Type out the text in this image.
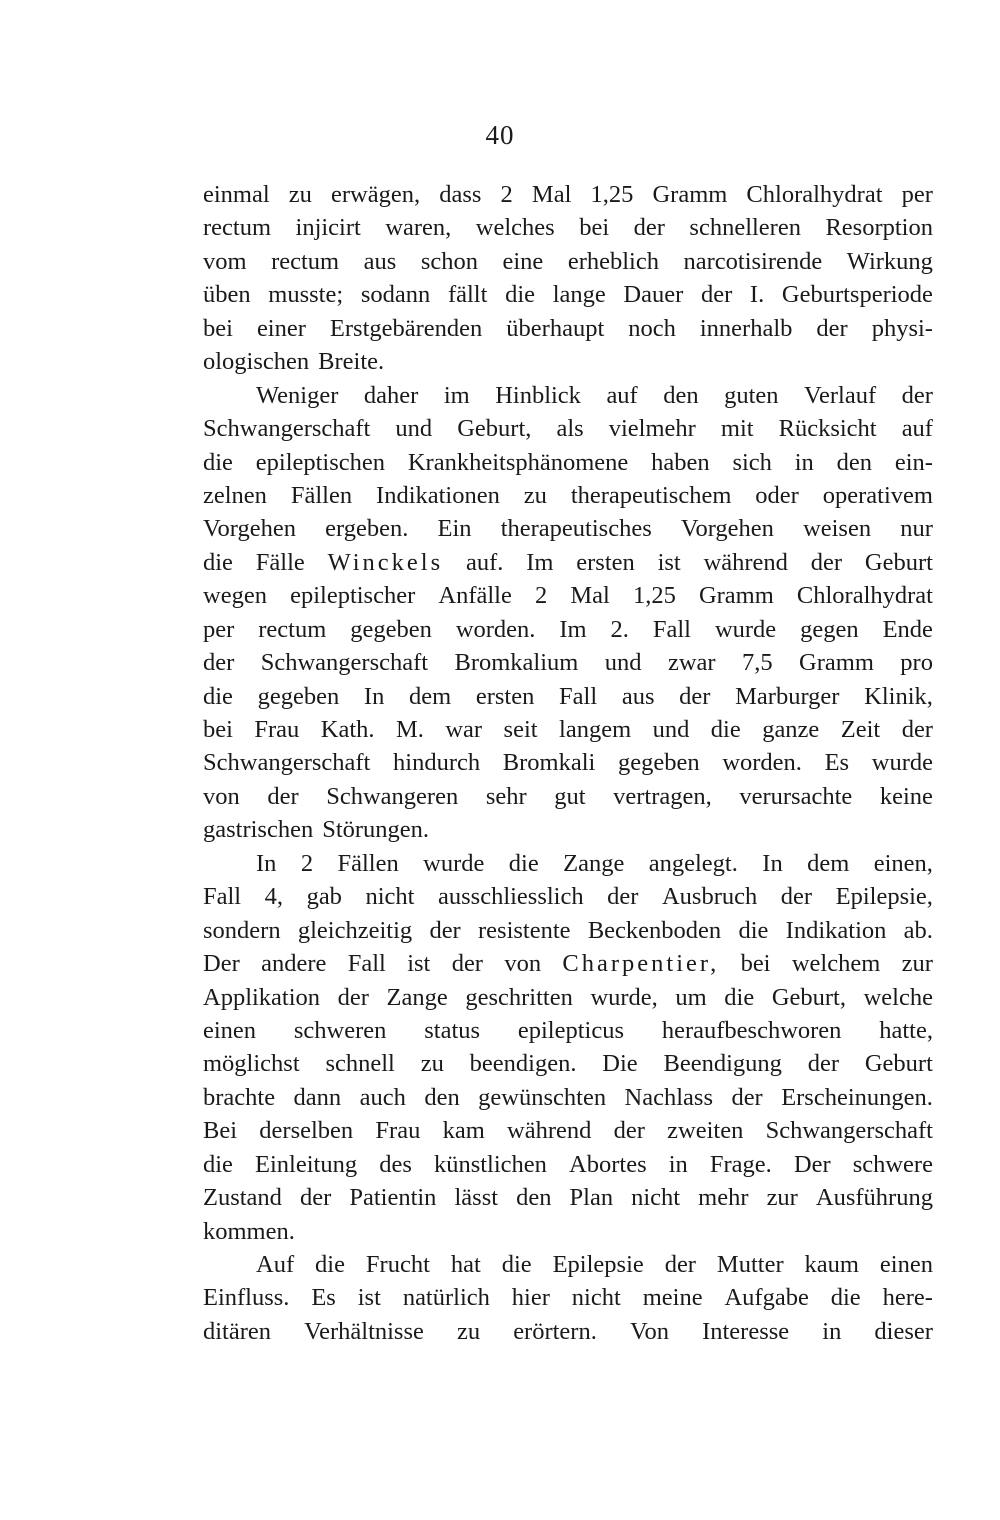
40
einmal zu erwägen, dass 2 Mal 1,25 Gramm Chloralhydrat per
rectum injicirt waren, welches bei der schnelleren Resorption
vom rectum aus schon eine erheblich narcotisirende Wirkung
üben musste; sodann fällt die lange Dauer der I. Geburtsperiode
bei einer Erstgebärenden überhaupt noch innerhalb der physi-
ologischen Breite.
Weniger daher im Hinblick auf den guten Verlauf der
Schwangerschaft und Geburt, als vielmehr mit Rücksicht auf
die epileptischen Krankheitsphänomene haben sich in den ein-
zelnen Fällen Indikationen zu therapeutischem oder operativem
Vorgehen ergeben. Ein therapeutisches Vorgehen weisen nur
die Fälle Winckels auf. Im ersten ist während der Geburt
wegen epileptischer Anfälle 2 Mal 1,25 Gramm Chloralhydrat
per rectum gegeben worden. Im 2. Fall wurde gegen Ende
der Schwangerschaft Bromkalium und zwar 7,5 Gramm pro
die gegeben In dem ersten Fall aus der Marburger Klinik,
bei Frau Kath. M. war seit langem und die ganze Zeit der
Schwangerschaft hindurch Bromkali gegeben worden. Es wurde
von der Schwangeren sehr gut vertragen, verursachte keine
gastrischen Störungen.
In 2 Fällen wurde die Zange angelegt. In dem einen,
Fall 4, gab nicht ausschliesslich der Ausbruch der Epilepsie,
sondern gleichzeitig der resistente Beckenboden die Indikation ab.
Der andere Fall ist der von Charpentier, bei welchem zur
Applikation der Zange geschritten wurde, um die Geburt, welche
einen schweren status epilepticus heraufbeschworen hatte,
möglichst schnell zu beendigen. Die Beendigung der Geburt
brachte dann auch den gewünschten Nachlass der Erscheinungen.
Bei derselben Frau kam während der zweiten Schwangerschaft
die Einleitung des künstlichen Abortes in Frage. Der schwere
Zustand der Patientin lässt den Plan nicht mehr zur Ausführung
kommen.
Auf die Frucht hat die Epilepsie der Mutter kaum einen
Einfluss. Es ist natürlich hier nicht meine Aufgabe die here-
ditären Verhältnisse zu erörtern. Von Interesse in dieser
